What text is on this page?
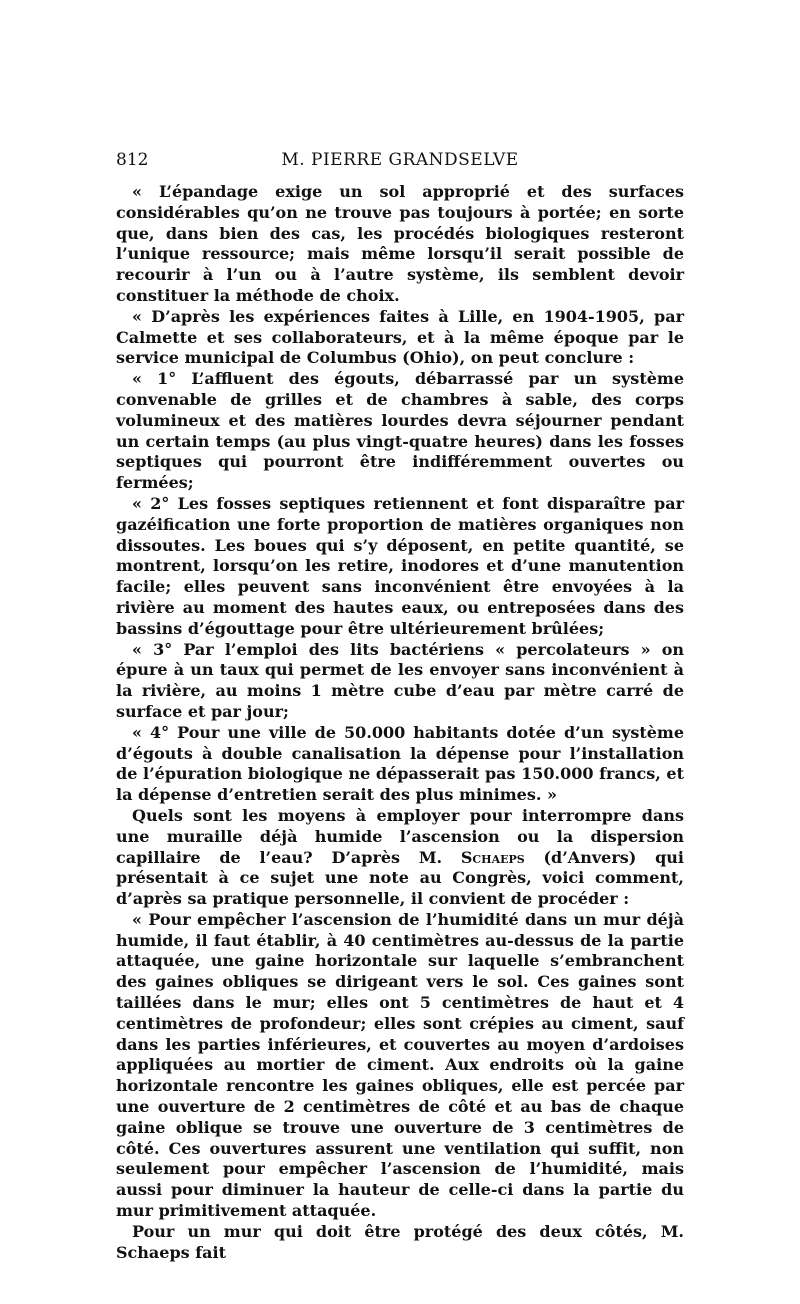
812	M. PIERRE GRANDSELVE

« L’épandage exige un sol approprié et des surfaces considérables qu’on ne trouve pas toujours à portée; en sorte que, dans bien des cas, les procédés biologiques resteront l’unique ressource; mais même lorsqu’il serait possible de recourir à l’un ou à l’autre système, ils semblent devoir constituer la méthode de choix.

« D’après les expériences faites à Lille, en 1904-1905, par Calmette et ses collaborateurs, et à la même époque par le service municipal de Columbus (Ohio), on peut conclure :

« 1° L’affluent des égouts, débarrassé par un système convenable de grilles et de chambres à sable, des corps volumineux et des matières lourdes devra séjourner pendant un certain temps (au plus vingt-quatre heures) dans les fosses septiques qui pourront être indifféremment ouvertes ou fermées;

« 2° Les fosses septiques retiennent et font disparaître par gazéification une forte proportion de matières organiques non dissoutes. Les boues qui s’y déposent, en petite quantité, se montrent, lorsqu’on les retire, inodores et d’une manutention facile; elles peuvent sans inconvénient être envoyées à la rivière au moment des hautes eaux, ou entreposées dans des bassins d’égouttage pour être ultérieurement brûlées;

« 3° Par l’emploi des lits bactériens « percolateurs » on épure à un taux qui permet de les envoyer sans inconvénient à la rivière, au moins 1 mètre cube d’eau par mètre carré de surface et par jour;

« 4° Pour une ville de 50.000 habitants dotée d’un système d’égouts à double canalisation la dépense pour l’installation de l’épuration biologique ne dépasserait pas 150.000 francs, et la dépense d’entretien serait des plus minimes. »

Quels sont les moyens à employer pour interrompre dans une muraille déjà humide l’ascension ou la dispersion capillaire de l’eau? D’après M. Schaeps (d’Anvers) qui présentait à ce sujet une note au Congrès, voici comment, d’après sa pratique personnelle, il convient de procéder :

« Pour empêcher l’ascension de l’humidité dans un mur déjà humide, il faut établir, à 40 centimètres au-dessus de la partie attaquée, une gaine horizontale sur laquelle s’embranchent des gaines obliques se dirigeant vers le sol. Ces gaines sont taillées dans le mur; elles ont 5 centimètres de haut et 4 centimètres de profondeur; elles sont crépies au ciment, sauf dans les parties inférieures, et couvertes au moyen d’ardoises appliquées au mortier de ciment. Aux endroits où la gaine horizontale rencontre les gaines obliques, elle est percée par une ouverture de 2 centimètres de côté et au bas de chaque gaine oblique se trouve une ouverture de 3 centimètres de côté. Ces ouvertures assurent une ventilation qui suffit, non seulement pour empêcher l’ascension de l’humidité, mais aussi pour diminuer la hauteur de celle-ci dans la partie du mur primitivement attaquée.

Pour un mur qui doit être protégé des deux côtés, M. Schaeps fait
